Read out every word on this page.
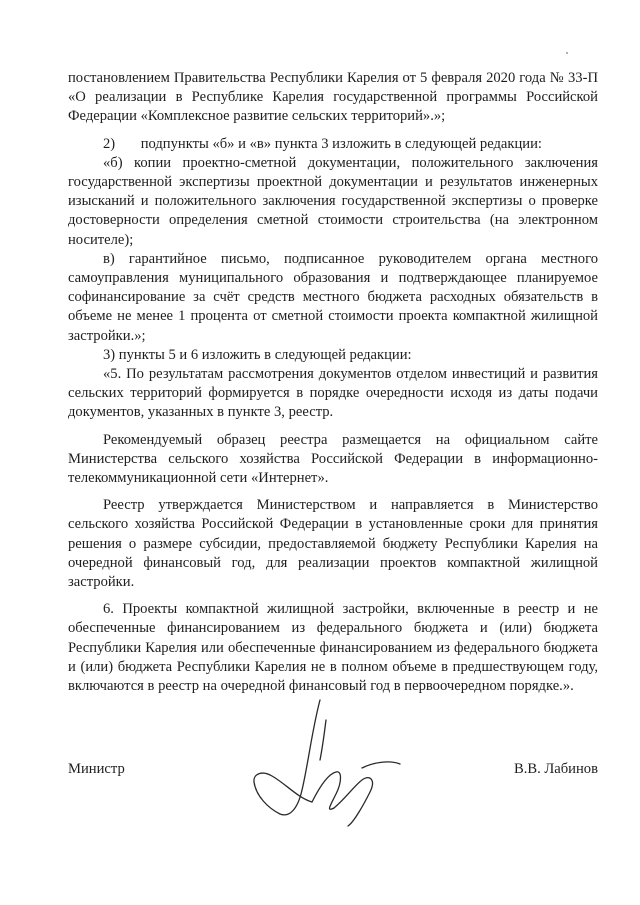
постановлением Правительства Республики Карелия от 5 февраля 2020 года № 33-П «О реализации в Республике Карелия государственной программы Российской Федерации «Комплексное развитие сельских территорий».»;

2)       подпункты «б» и «в» пункта 3 изложить в следующей редакции:

«б) копии проектно-сметной документации, положительного заключения государственной экспертизы проектной документации и результатов инженерных изысканий и положительного заключения государственной экспертизы о проверке достоверности определения сметной стоимости строительства (на электронном носителе);

в) гарантийное письмо, подписанное руководителем органа местного самоуправления муниципального образования и подтверждающее планируемое софинансирование за счёт средств местного бюджета расходных обязательств в объеме не менее 1 процента от сметной стоимости проекта компактной жилищной застройки.»;

3) пункты 5 и 6 изложить в следующей редакции:

«5. По результатам рассмотрения документов отделом инвестиций и развития сельских территорий формируется в порядке очередности исходя из даты подачи документов, указанных в пункте 3, реестр.

Рекомендуемый образец реестра размещается на официальном сайте Министерства сельского хозяйства Российской Федерации в информационно-телекоммуникационной сети «Интернет».

Реестр утверждается Министерством и направляется в Министерство сельского хозяйства Российской Федерации в установленные сроки для принятия решения о размере субсидии, предоставляемой бюджету Республики Карелия на очередной финансовый год, для реализации проектов компактной жилищной застройки.

6. Проекты компактной жилищной застройки, включенные в реестр и не обеспеченные финансированием из федерального бюджета и (или) бюджета Республики Карелия или обеспеченные финансированием из федерального бюджета и (или) бюджета Республики Карелия не в полном объеме в предшествующем году, включаются в реестр на очередной финансовый год в первоочередном порядке.».

Министр	В.В. Лабинов
